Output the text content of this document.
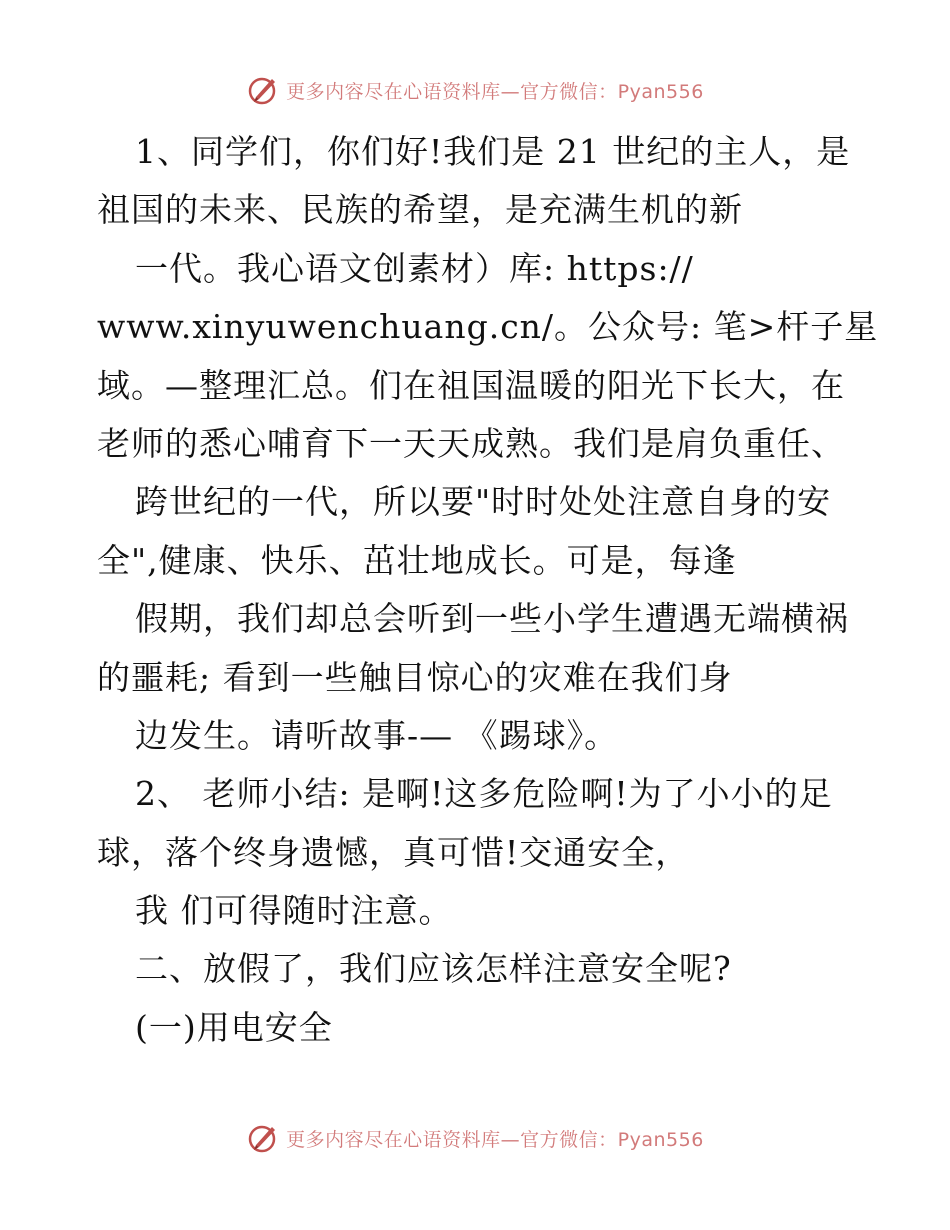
更多内容尽在心语资料库—官方微信：Pyan556
1、同学们，你们好!我们是 21 世纪的主人，是
祖国的未来、民族的希望，是充满生机的新
一代。我心语文创素材）库: https://
www.xinyuwenchuang.cn/。公众号: 笔>杆子星
域。—整理汇总。们在祖国温暖的阳光下长大，在
老师的悉心哺育下一天天成熟。我们是肩负重任、
跨世纪的一代，所以要"时时处处注意自身的安
全",健康、快乐、茁壮地成长。可是，每逢
假期，我们却总会听到一些小学生遭遇无端横祸
的噩耗; 看到一些触目惊心的灾难在我们身
边发生。请听故事-— 《踢球》。
2、 老师小结: 是啊!这多危险啊!为了小小的足
球，落个终身遗憾，真可惜!交通安全，
我 们可得随时注意。
二、放假了，我们应该怎样注意安全呢?
(一)用电安全
更多内容尽在心语资料库—官方微信：Pyan556
